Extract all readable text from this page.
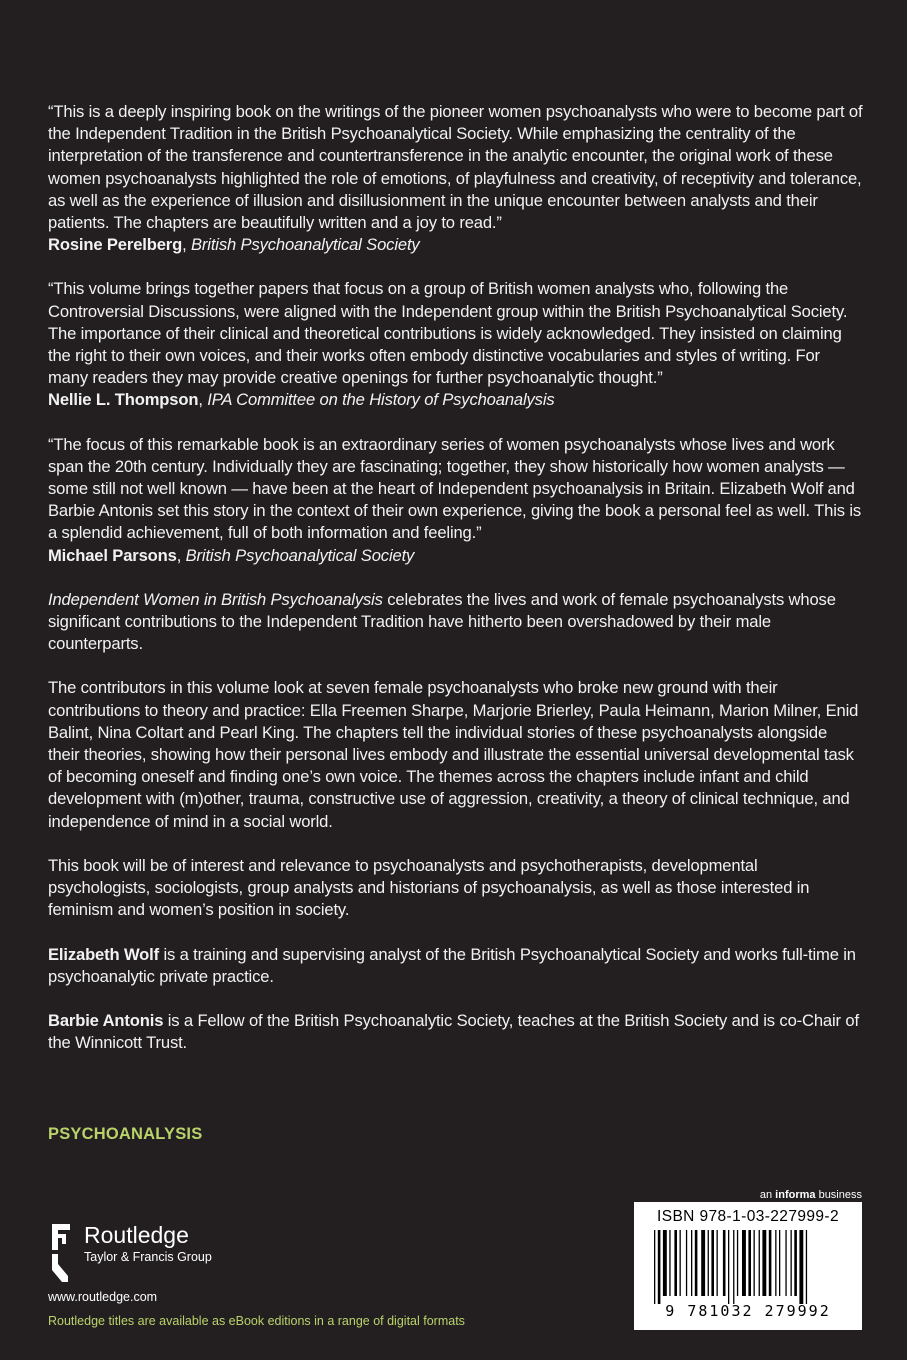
“This is a deeply inspiring book on the writings of the pioneer women psychoanalysts who were to become part of the Independent Tradition in the British Psychoanalytical Society. While emphasizing the centrality of the interpretation of the transference and countertransference in the analytic encounter, the original work of these women psychoanalysts highlighted the role of emotions, of playfulness and creativity, of receptivity and tolerance, as well as the experience of illusion and disillusionment in the unique encounter between analysts and their patients. The chapters are beautifully written and a joy to read.”

Rosine Perelberg, British Psychoanalytical Society

“This volume brings together papers that focus on a group of British women analysts who, following the Controversial Discussions, were aligned with the Independent group within the British Psychoanalytical Society. The importance of their clinical and theoretical contributions is widely acknowledged. They insisted on claiming the right to their own voices, and their works often embody distinctive vocabularies and styles of writing. For many readers they may provide creative openings for further psychoanalytic thought.”

Nellie L. Thompson, IPA Committee on the History of Psychoanalysis

“The focus of this remarkable book is an extraordinary series of women psychoanalysts whose lives and work span the 20th century. Individually they are fascinating; together, they show historically how women analysts — some still not well known — have been at the heart of Independent psychoanalysis in Britain. Elizabeth Wolf and Barbie Antonis set this story in the context of their own experience, giving the book a personal feel as well. This is a splendid achievement, full of both information and feeling.”

Michael Parsons, British Psychoanalytical Society

Independent Women in British Psychoanalysis celebrates the lives and work of female psychoanalysts whose significant contributions to the Independent Tradition have hitherto been overshadowed by their male counterparts.

The contributors in this volume look at seven female psychoanalysts who broke new ground with their contributions to theory and practice: Ella Freemen Sharpe, Marjorie Brierley, Paula Heimann, Marion Milner, Enid Balint, Nina Coltart and Pearl King. The chapters tell the individual stories of these psychoanalysts alongside their theories, showing how their personal lives embody and illustrate the essential universal developmental task of becoming oneself and finding one’s own voice. The themes across the chapters include infant and child development with (m)other, trauma, constructive use of aggression, creativity, a theory of clinical technique, and independence of mind in a social world.

This book will be of interest and relevance to psychoanalysts and psychotherapists, developmental psychologists, sociologists, group analysts and historians of psychoanalysis, as well as those interested in feminism and women’s position in society.

Elizabeth Wolf is a training and supervising analyst of the British Psychoanalytical Society and works full-time in psychoanalytic private practice.

Barbie Antonis is a Fellow of the British Psychoanalytic Society, teaches at the British Society and is co-Chair of the Winnicott Trust.

PSYCHOANALYSIS
Routledge
Taylor & Francis Group
www.routledge.com
Routledge titles are available as eBook editions in a range of digital formats
an informa business
ISBN 978-1-03-227999-2
9 781032 279992
